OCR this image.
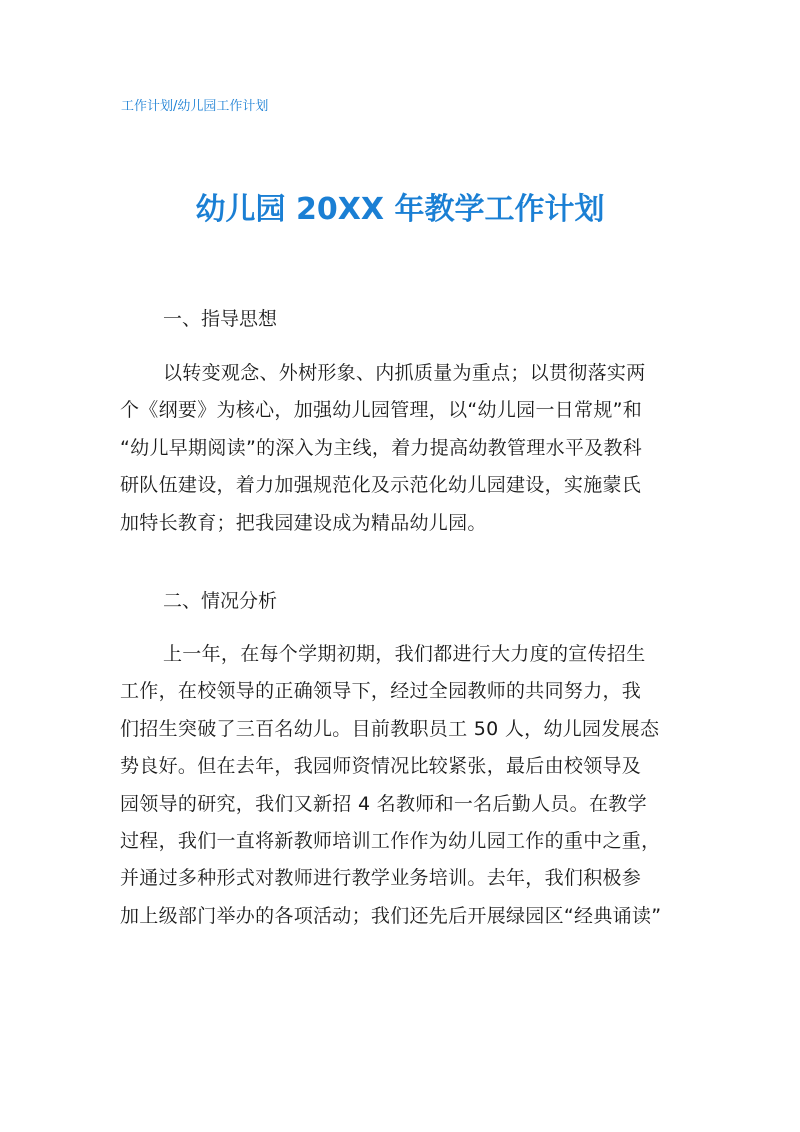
工作计划/幼儿园工作计划
幼儿园 20XX 年教学工作计划
一、指导思想
以转变观念、外树形象、内抓质量为重点；以贯彻落实两
个《纲要》为核心，加强幼儿园管理，以“幼儿园一日常规”和
“幼儿早期阅读”的深入为主线，着力提高幼教管理水平及教科
研队伍建设，着力加强规范化及示范化幼儿园建设，实施蒙氏
加特长教育；把我园建设成为精品幼儿园。
二、情况分析
上一年，在每个学期初期，我们都进行大力度的宣传招生
工作，在校领导的正确领导下，经过全园教师的共同努力，我
们招生突破了三百名幼儿。目前教职员工 50 人，幼儿园发展态
势良好。但在去年，我园师资情况比较紧张，最后由校领导及
园领导的研究，我们又新招 4 名教师和一名后勤人员。在教学
过程，我们一直将新教师培训工作作为幼儿园工作的重中之重，
并通过多种形式对教师进行教学业务培训。去年，我们积极参
加上级部门举办的各项活动；我们还先后开展绿园区“经典诵读”
